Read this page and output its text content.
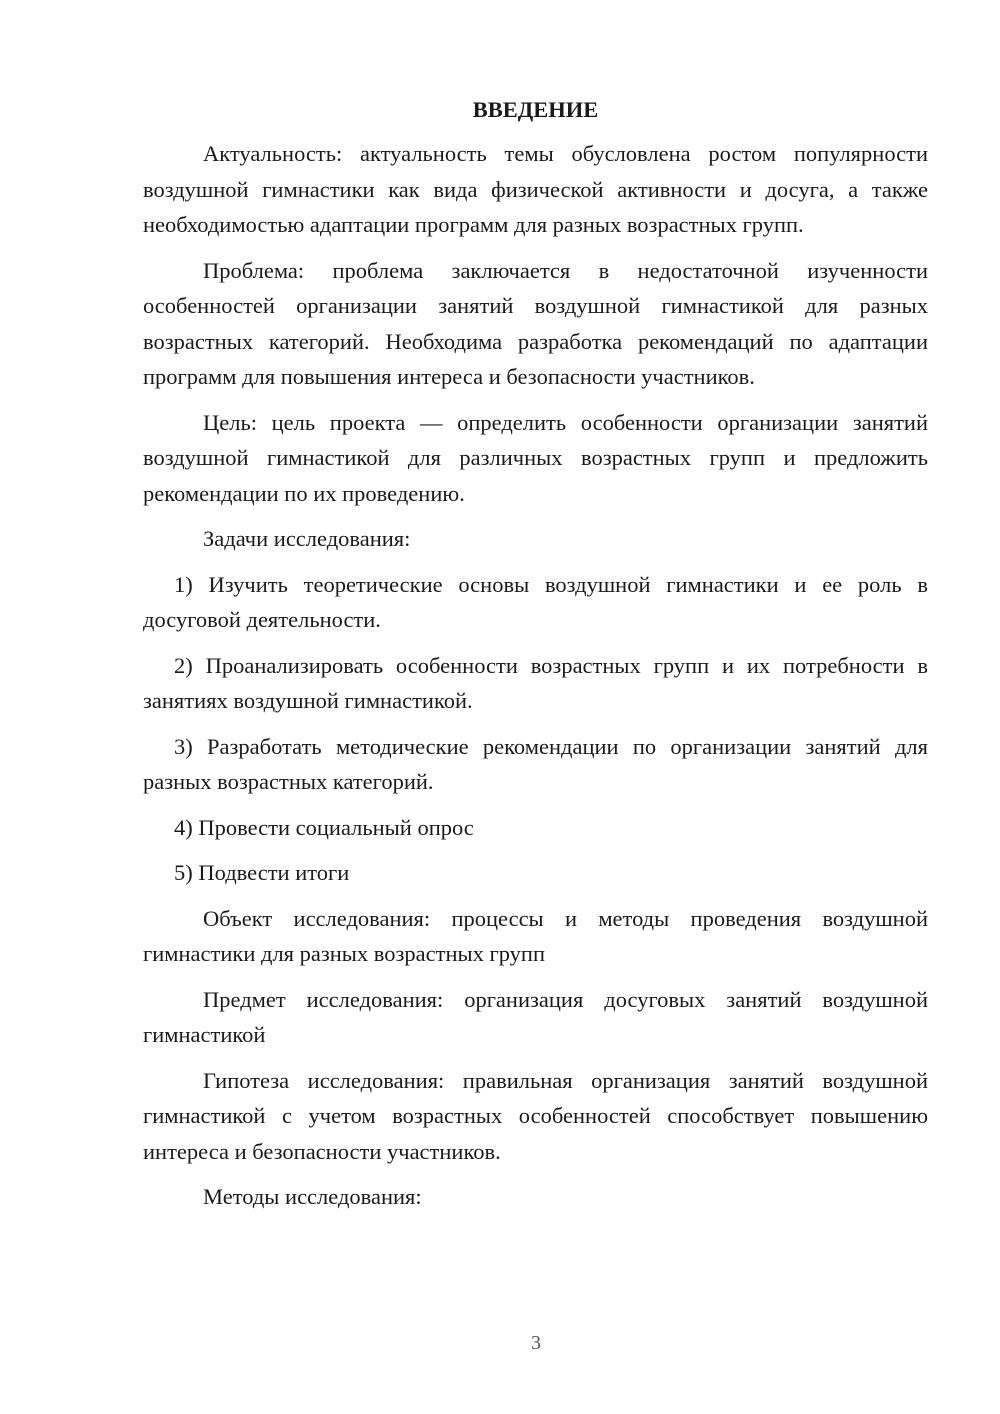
ВВЕДЕНИЕ

Актуальность: актуальность темы обусловлена ростом популярности воздушной гимнастики как вида физической активности и досуга, а также необходимостью адаптации программ для разных возрастных групп.

Проблема: проблема заключается в недостаточной изученности особенностей организации занятий воздушной гимнастикой для разных возрастных категорий. Необходима разработка рекомендаций по адаптации программ для повышения интереса и безопасности участников.

Цель: цель проекта — определить особенности организации занятий воздушной гимнастикой для различных возрастных групп и предложить рекомендации по их проведению.

Задачи исследования:

1) Изучить теоретические основы воздушной гимнастики и ее роль в досуговой деятельности.

2) Проанализировать особенности возрастных групп и их потребности в занятиях воздушной гимнастикой.

3) Разработать методические рекомендации по организации занятий для разных возрастных категорий.

4) Провести социальный опрос

5) Подвести итоги

Объект исследования: процессы и методы проведения воздушной гимнастики для разных возрастных групп

Предмет исследования: организация досуговых занятий воздушной гимнастикой

Гипотеза исследования: правильная организация занятий воздушной гимнастикой с учетом возрастных особенностей способствует повышению интереса и безопасности участников.

Методы исследования:

3
